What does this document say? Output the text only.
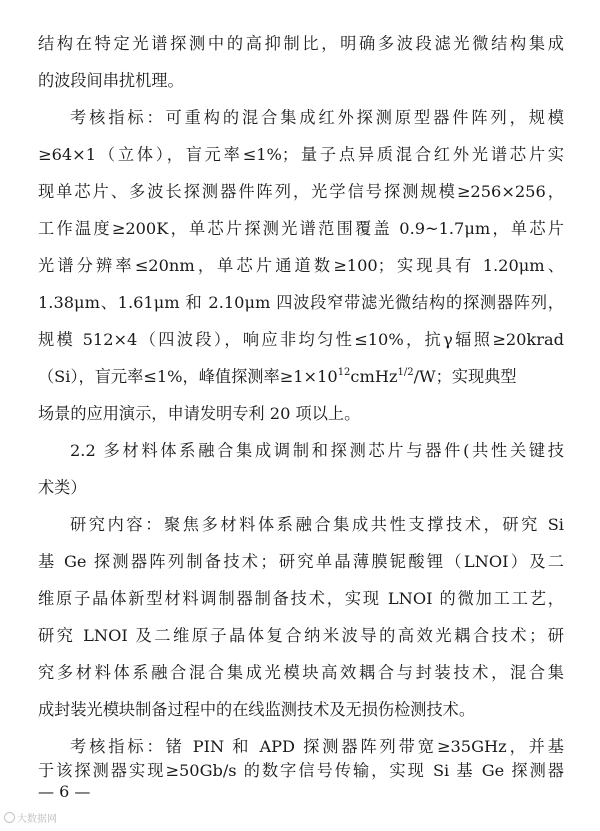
结构在特定光谱探测中的高抑制比，明确多波段滤光微结构集成
的波段间串扰机理。
考核指标：可重构的混合集成红外探测原型器件阵列，规模
≥64×1（立体），盲元率≤1%；量子点异质混合红外光谱芯片实
现单芯片、多波长探测器件阵列，光学信号探测规模≥256×256，
工作温度≥200K，单芯片探测光谱范围覆盖 0.9~1.7μm，单芯片
光谱分辨率≤20nm，单芯片通道数≥100；实现具有 1.20μm、
1.38μm、1.61μm 和 2.10μm 四波段窄带滤光微结构的探测器阵列，
规模 512×4（四波段），响应非均匀性≤10%，抗γ辐照≥20krad
（Si），盲元率≤1%，峰值探测率$\ge 1\times 10^{12}cmHz^{1/2}/W$；实现典型
场景的应用演示，申请发明专利 20 项以上。
2.2 多材料体系融合集成调制和探测芯片与器件(共性关键技
术类）
研究内容：聚焦多材料体系融合集成共性支撑技术，研究 Si
基 Ge 探测器阵列制备技术；研究单晶薄膜铌酸锂（LNOI）及二
维原子晶体新型材料调制器制备技术，实现 LNOI 的微加工工艺，
研究 LNOI 及二维原子晶体复合纳米波导的高效光耦合技术；研
究多材料体系融合混合集成光模块高效耦合与封装技术，混合集
成封装光模块制备过程中的在线监测技术及无损伤检测技术。
考核指标：锗 PIN 和 APD 探测器阵列带宽≥35GHz，并基
于该探测器实现≥50Gb/s 的数字信号传输，实现 Si 基 Ge 探测器
— 6 —
大数据网
